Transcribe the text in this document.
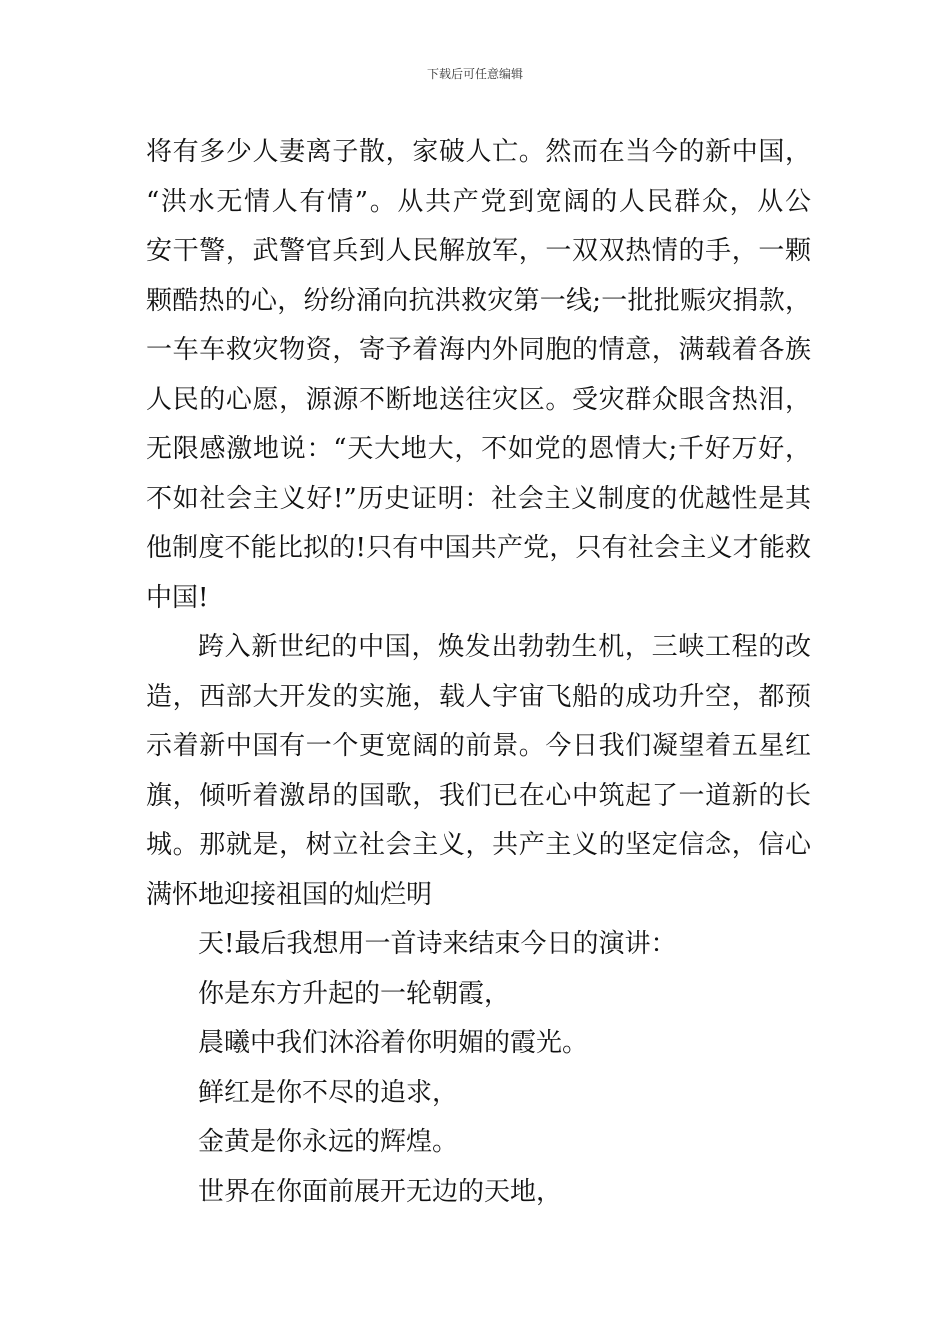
下载后可任意编辑
将有多少人妻离子散，家破人亡。然而在当今的新中国，
“洪水无情人有情”。从共产党到宽阔的人民群众，从公
安干警，武警官兵到人民解放军，一双双热情的手，一颗
颗酷热的心，纷纷涌向抗洪救灾第一线;一批批赈灾捐款，
一车车救灾物资，寄予着海内外同胞的情意，满载着各族
人民的心愿，源源不断地送往灾区。受灾群众眼含热泪，
无限感激地说：“天大地大，不如党的恩情大;千好万好，
不如社会主义好!”历史证明：社会主义制度的优越性是其
他制度不能比拟的!只有中国共产党，只有社会主义才能救
中国!
跨入新世纪的中国，焕发出勃勃生机，三峡工程的改
造，西部大开发的实施，载人宇宙飞船的成功升空，都预
示着新中国有一个更宽阔的前景。今日我们凝望着五星红
旗，倾听着激昂的国歌，我们已在心中筑起了一道新的长
城。那就是，树立社会主义，共产主义的坚定信念，信心
满怀地迎接祖国的灿烂明
天!最后我想用一首诗来结束今日的演讲：
你是东方升起的一轮朝霞，
晨曦中我们沐浴着你明媚的霞光。
鲜红是你不尽的追求，
金黄是你永远的辉煌。
世界在你面前展开无边的天地，
